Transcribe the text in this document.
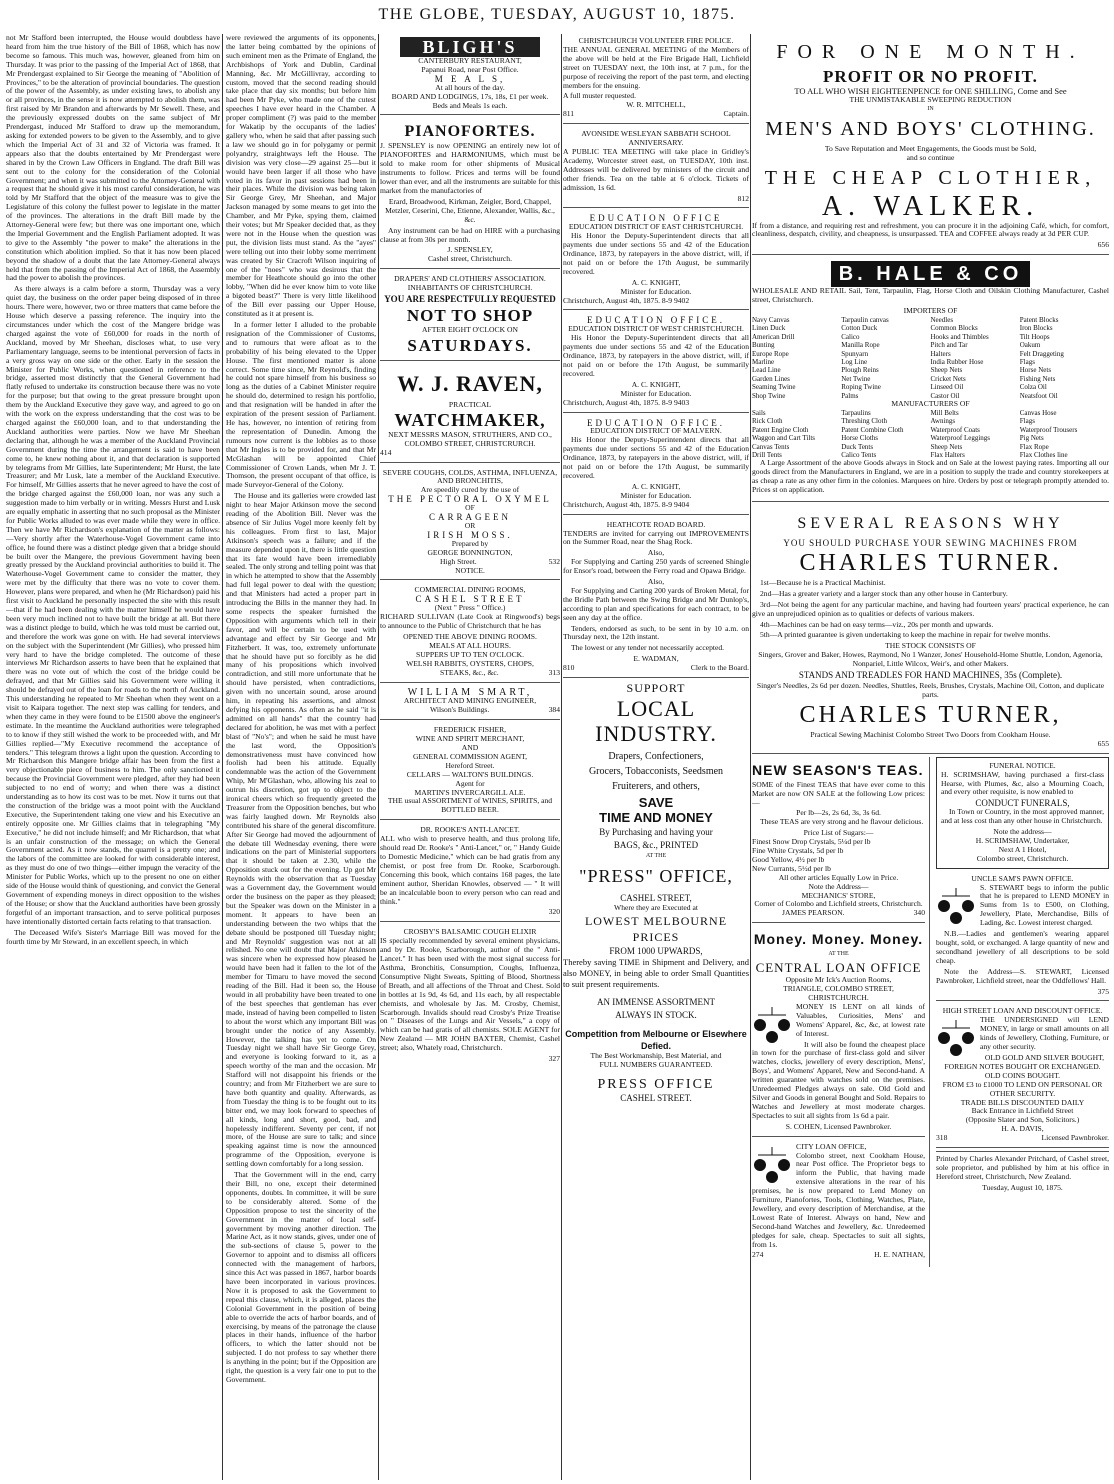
THE GLOBE, TUESDAY, AUGUST 10, 1875.

not Mr Stafford been interrupted, the House would doubtless have heard from him the true history of the Bill of 1868, which has now become so famous. This much was, however, gleaned from him on Thursday. It was prior to the passing of the Imperial Act of 1868, that Mr Prendergast explained to Sir George the meaning of "Abolition of Provinces," to be the alteration of provincial boundaries. The question of the power of the Assembly, as under existing laws, to abolish any or all provinces, in the sense it is now attempted to abolish them, was first raised by Mr Brandon and afterwards by Mr Sewell. These, and the previously expressed doubts on the same subject of Mr Prendergast, induced Mr Stafford to draw up the memorandum, asking for extended powers to be given to the Assembly, and to give which the Imperial Act of 31 and 32 of Victoria was framed. It appears also that the doubts entertained by Mr Prendergast were shared in by the Crown Law Officers in England. The draft Bill was sent out to the colony for the consideration of the Colonial Government; and when it was submitted to the Attorney-General with a request that he should give it his most careful consideration, he was told by Mr Stafford that the object of the measure was to give the Legislature of this colony the fullest power to legislate in the matter of the provinces. The alterations in the draft Bill made by the Attorney-General were few; but there was one important one, which the Imperial Government and the English Parliament adopted. It was to give to the Assembly "the power to make" the alterations in the constitution which abolition implied. So that it has now been placed beyond the shadow of a doubt that the late Attorney-General always held that from the passing of the Imperial Act of 1868, the Assembly had the power to abolish the provinces.

As there always is a calm before a storm, Thursday was a very quiet day, the business on the order paper being disposed of in three hours. There were, however, two or three matters that came before the House which deserve a passing reference. The inquiry into the circumstances under which the cost of the Mangere bridge was charged against the vote of £60,000 for roads in the north of Auckland, moved by Mr Sheehan, discloses what, to use very Parliamentary language, seems to be intentional perversion of facts in a very gross way on one side or the other. Early in the session the Minister for Public Works, when questioned in reference to the bridge, asserted most distinctly that the General Government had flatly refused to undertake its construction because there was no vote for the purpose; but that owing to the great pressure brought upon them by the Auckland Executive they gave way, and agreed to go on with the work on the express understanding that the cost was to be charged against the £60,000 loan, and to that understanding the Auckland authorities were parties. Now we have Mr Sheehan declaring that, although he was a member of the Auckland Provincial Government during the time the arrangement is said to have been come to, he knew nothing about it, and that declaration is supported by telegrams from Mr Gillies, late Superintendent; Mr Hurst, the late Treasurer; and Mr Lusk, late a member of the Auckland Executive. For himself, Mr Gillies asserts that he never agreed to have the cost of the bridge charged against the £60,000 loan, nor was any such a suggestion made to him verbally or in writing. Messrs Hurst and Lusk are equally emphatic in asserting that no such proposal as the Minister for Public Works alluded to was ever made while they were in office. Then we have Mr Richardson's explanation of the matter as follows:—Very shortly after the Waterhouse-Vogel Government came into office, he found there was a distinct pledge given that a bridge should be built over the Mangere, the previous Government having been greatly pressed by the Auckland provincial authorities to build it. The Waterhouse-Vogel Government came to consider the matter, they were met by the difficulty that there was no vote to cover them. However, plans were prepared, and when he (Mr Richardson) paid his first visit to Auckland he personally inspected the site with this result—that if he had been dealing with the matter himself he would have been very much inclined not to have built the bridge at all. But there was a distinct pledge to build, which he was told must be carried out, and therefore the work was gone on with. He had several interviews on the subject with the Superintendent (Mr Gillies), who pressed him very hard to have the bridge completed. The outcome of these interviews Mr Richardson asserts to have been that he explained that there was no vote out of which the cost of the bridge could be defrayed, and that Mr Gillies said his Government were willing it should be defrayed out of the loan for roads to the north of Auckland. This understanding he repeated to Mr Sheehan when they went on a visit to Kaipara together. The next step was calling for tenders, and when they came in they were found to be £1500 above the engineer's estimate. In the meantime the Auckland authorities were telegraphed to to know if they still wished the work to be proceeded with, and Mr Gillies replied—"My Executive recommend the acceptance of tenders." This telegram throws a light upon the question. According to Mr Richardson this Mangere bridge affair has been from the first a very objectionable piece of business to him. The only sanctioned it because the Provincial Government were pledged, after they had been subjected to no end of worry; and when there was a distinct understanding as to how its cost was to be met. Now it turns out that the construction of the bridge was a moot point with the Auckland Executive, the Superintendent taking one view and his Executive an entirely opposite one. Mr Gillies claims that in telegraphing "My Executive," he did not include himself; and Mr Richardson, that what is an unfair construction of the message; on which the General Government acted. As it now stands, the quarrel is a pretty one; and the labors of the committee are looked for with considerable interest, as they must do one of two things—either impugn the veracity of the Minister for Public Works, which up to the present no one on either side of the House would think of questioning, and convict the General Government of expending moneys in direct opposition to the wishes of the House; or show that the Auckland authorities have been grossly forgetful of an important transaction, and to serve political purposes have intentionally distorted certain facts relating to that transaction.

The Deceased Wife's Sister's Marriage Bill was moved for the fourth time by Mr Steward, in an excellent speech, in which

were reviewed the arguments of its opponents, the latter being combatted by the opinions of such eminent men as the Primate of England, the Archbishops of York and Dublin, Cardinal Manning, &c. Mr McGillivray, according to custom, moved that the second reading should take place that day six months; but before him had been Mr Pyke, who made one of the cutest speeches I have ever heard in the Chamber. A proper compliment (?) was paid to the member for Wakatip by the occupants of the ladies' gallery who, when he said that after passing such a law we should go in for polygamy or permit polyandry, straightways left the House. The division was very close—29 against 25—but it would have been larger if all those who have voted in its favor in past sessions had been in their places. While the division was being taken Sir George Grey, Mr Sheehan, and Major Jackson managed by some means to get into the Chamber, and Mr Pyke, spying them, claimed their votes; but Mr Speaker decided that, as they were not in the House when the question was put, the division lists must stand. As the "ayes" were telling out into their lobby some merriment was created by Sir Cracroft Wilson inquiring of one of the "noes" who was desirous that the member for Heathcote should go into the other lobby, "When did he ever know him to vote like a bigoted beast?" There is very little likelihood of the Bill ever passing our Upper House, constituted as it at present is.

In a former letter I alluded to the probable resignation of the Commissioner of Customs, and to rumours that were afloat as to the probability of his being elevated to the Upper House. The first mentioned matter is alone correct. Some time since, Mr Reynold's, finding he could not spare himself from his business so long as the duties of a Cabinet Minister require he should do, determined to resign his portfolio, and that resignation will be handed in after the expiration of the present session of Parliament. He has, however, no intention of retiring from the representation of Dunedin. Among the rumours now current is the lobbies as to those that Mr Ingles is to be provided for, and that Mr McGlashan will be appointed Chief Commissioner of Crown Lands, when Mr J. T. Thomson, the present occupant of that office, is made Surveyor-General of the Colony.

The House and its galleries were crowded last night to hear Major Atkinson move the second reading of the Abolition Bill. Never was the absence of Sir Julius Vogel more keenly felt by his colleagues. From first to last, Major Atkinson's speech was a failure; and if the measure depended upon it, there is little question that its fate would have been irremediably sealed. The only strong and telling point was that in which he attempted to show that the Assembly had full legal power to deal with the question; and that Ministers had acted a proper part in introducing the Bills in the manner they had. In some respects the speaker furnished the Opposition with arguments which tell in their favor, and will be certain to be used with advantage and effect by Sir George and Mr Fitzherbert. It was, too, extremely unfortunate that he should have put so forcibly as he did many of his propositions which involved contradiction, and still more unfortunate that he should have persisted, when contradictions, given with no uncertain sound, arose around him, in repeating his assertions, and almost defying his opponents. As often as he said "it is admitted on all hands" that the country had declared for abolition, he was met with a perfect blast of "No's"; and when he said he must have the last word, the Opposition's demonstrativeness must have convinced how foolish had been his attitude. Equally condemnable was the action of the Government Whip, Mr M'Glashan, who, allowing his zeal to outrun his discretion, got up to object to the ironical cheers which so frequently greeted the Treasurer from the Opposition benches, but who was fairly laughed down. Mr Reynolds also contributed his share of the general discomfiture. After Sir George had moved the adjournment of the debate till Wednesday evening, there were indications on the part of Ministerial supporters that it should be taken at 2.30, while the Opposition stuck out for the evening. Up got Mr Reynolds with the observation that as Tuesday was a Government day, the Government would order the business on the paper as they pleased; but the Speaker was down on the Minister in a moment. It appears to have been an understanding between the two whips that the debate should be postponed till Tuesday night; and Mr Reynolds' suggestion was not at all relished. No one will doubt that Major Atkinson was sincere when he expressed how pleased he would have been had it fallen to the lot of the member for Timaru to have moved the second reading of the Bill. Had it been so, the House would in all probability have been treated to one of the best speeches that gentleman has ever made, instead of having been compelled to listen to about the worst which any important Bill was brought under the notice of any Assembly. However, the talking has yet to come. On Tuesday night we shall have Sir George Grey, and everyone is looking forward to it, as a speech worthy of the man and the occasion. Mr Stafford will not disappoint his friends or the country; and from Mr Fitzherbert we are sure to have both quantity and quality. Afterwards, as from Tuesday the thing is to be fought out to its bitter end, we may look forward to speeches of all kinds, long and short, good, bad, and hopelessly indifferent. Seventy per cent, if not more, of the House are sure to talk; and since speaking against time is now the announced programme of the Opposition, everyone is settling down comfortably for a long session.

That the Government will in the end, carry their Bill, no one, except their determined opponents, doubts. In committee, it will be sure to be considerably altered. Some of the Opposition propose to test the sincerity of the Government in the matter of local self-government by moving another direction. The Marine Act, as it now stands, gives, under one of the sub-sections of clause 5, power to the Governor to appoint and to dismiss all officers connected with the management of harbors, since this Act was passed in 1867, harbor boards have been incorporated in various provinces. Now it is proposed to ask the Government to repeal this clause, which, it is alleged, places the Colonial Government in the position of being able to override the acts of harbor boards, and of exercising, by means of the patronage the clause places in their hands, influence of the harbor officers, to which the latter should not be subjected. I do not profess to say whether there is anything in the point; but if the Opposition are right, the question is a very fair one to put to the Government.

BLIGH'S
CANTERBURY RESTAURANT,
Papanui Road, near Post Office.
M E A L S,
At all hours of the day.
BOARD AND LODGINGS, 17s, 18s, £1 per week.
Beds and Meals 1s each.
PIANOFORTES.

J. SPENSLEY is now OPENING an entirely new lot of PIANOFORTES and HARMONIUMS, which must be sold to make room for other shipments of Musical instruments to follow. Prices and terms will be found lower than ever, and all the instruments are suitable for this market from the manufactories of

Erard, Broadwood, Kirkman, Zeigler, Bord, Chappel, Metzler, Ceserini, Che, Etienne, Alexander, Wallis, &c., &c.

Any instrument can be had on HIRE with a purchasing clause at from 30s per month.

J. SPENSLEY,
Cashel street, Christchurch.
DRAPERS' AND CLOTHIERS' ASSOCIATION.
INHABITANTS OF CHRISTCHURCH.
YOU ARE RESPECTFULLY REQUESTED
NOT TO SHOP
AFTER EIGHT O'CLOCK ON
SATURDAYS.
W. J. RAVEN,
PRACTICAL
WATCHMAKER,
NEXT MESSRS MASON, STRUTHERS, AND CO.,
COLOMBO STREET, CHRISTCRURCH.
414
SEVERE COUGHS, COLDS, ASTHMA, INFLUENZA, AND BRONCHITIS,
Are speedily cured by the use of
THE PECTORAL OXYMEL
OF
CARRAGEEN
OR
IRISH MOSS.
Prepared by
GEORGE BONNINGTON,
High Street.	532
NOTICE.
COMMERCIAL DINING ROOMS,
CASHEL STREET
(Next " Press " Office.)

RICHARD SULLIVAN (Late Cook at Ringwood's) begs to announce to the Public of Christchurch that he has

OPENED THE ABOVE DINING ROOMS.
MEALS AT ALL HOURS.
SUPPERS UP TO TEN O'CLOCK.
WELSH RABBITS, OYSTERS, CHOPS,
STEAKS, &c., &c.	313
WILLIAM SMART,
ARCHITECT AND MINING ENGINEER,
Wilson's Buildings.	384
FREDERICK FISHER,
WINE AND SPIRIT MERCHANT,
AND
GENERAL COMMISSION AGENT,
Hereford Street.
CELLARS — WALTON'S BUILDINGS.
Agent for
MARTIN'S INVERCARGILL ALE.
THE usual ASSORTMENT of WINES, SPIRITS, and BOTTLED BEER.
DR. ROOKE'S ANTI-LANCET.

ALL who wish to preserve health, and thus prolong life, should read Dr. Rooke's " Anti-Lancet," or, " Handy Guide to Domestic Medicine," which can be had gratis from any chemist, or post free from Dr. Rooke, Scarborough. Concerning this book, which contains 168 pages, the late eminent author, Sheridan Knowles, observed — " It will be an incalculable boon to every person who can read and think."

320
CROSBY'S BALSAMIC COUGH ELIXIR

IS specially recommended by several eminent physicians, and by Dr. Rooke, Scarborough, author of the " Anti-Lancet." It has been used with the most signal success for Asthma, Bronchitis, Consumption, Coughs, Influenza, Consumptive Night Sweats, Spitting of Blood, Shortness of Breath, and all affections of the Throat and Chest. Sold in bottles at 1s 9d, 4s 6d, and 11s each, by all respectable chemists, and wholesale by Jas. M. Crosby, Chemist, Scarborough. Invalids should read Crosby's Prize Treatise on " Diseases of the Lungs and Air Vessels," a copy of which can be had gratis of all chemists. SOLE AGENT for New Zealand — MR JOHN BAXTER, Chemist, Cashel street; also, Whately road, Christchurch.

327
CHRISTCHURCH VOLUNTEER FIRE POLICE.

THE ANNUAL GENERAL MEETING of the Members of the above will be held at the Fire Brigade Hall, Lichfield street on TUESDAY next, the 10th inst, at 7 p.m., for the purpose of receiving the report of the past term, and electing members for the ensuing.

A full muster requested.
W. R. MITCHELL,
811	Captain.
AVONSIDE WESLEYAN SABBATH SCHOOL ANNIVERSARY.

A PUBLIC TEA MEETING will take place in Gridley's Academy, Worcester street east, on TUESDAY, 10th inst. Addresses will be delivered by ministers of the circuit and other friends. Tea on the table at 6 o'clock. Tickets of admission, 1s 6d.

812
EDUCATION OFFICE
EDUCATION DISTRICT OF EAST CHRISTCHURCH.

His Honor the Deputy-Superintendent directs that all payments due under sections 55 and 42 of the Education Ordinance, 1873, by ratepayers in the above district, will, if not paid on or before the 17th August, be summarily recovered.

A. C. KNIGHT,
Minister for Education.
Christchurch, August 4th, 1875. 8-9 9402
EDUCATION OFFICE.
EDUCATION DISTRICT OF WEST CHRISTCHURCH.

His Honor the Deputy-Superintendent directs that all payments due under sections 55 and 42 of the Education Ordinance, 1873, by ratepayers in the above district, will, if not paid on or before the 17th August, be summarily recovered.

A. C. KNIGHT,
Minister for Education.
Christchurch, August 4th, 1875. 8-9 9403
EDUCATION OFFICE.
EDUCATION DISTRICT OF MALVERN.

His Honor the Deputy-Superintendent directs that all payments due under sections 55 and 42 of the Education Ordinance, 1873, by ratepayers in the above district, will, if not paid on or before the 17th August, be summarily recovered.

A. C. KNIGHT,
Minister for Education.
Christchurch, August 4th, 1875. 8-9 9404
HEATHCOTE ROAD BOARD.

TENDERS are invited for carrying out IMPROVEMENTS on the Summer Road, near the Shag Rock.

Also,

For Supplying and Carting 250 yards of screened Shingle for Ensor's road, between the Ferry road and Opawa Bridge.

Also,

For Supplying and Carting 200 yards of Broken Metal, for the Bridle Path between the Swing Bridge and Mr Dunlop's, according to plan and specifications for each contract, to be seen any day at the office.

Tenders, endorsed as such, to be sent in by 10 a.m. on Thursday next, the 12th instant.

The lowest or any tender not necessarily accepted.

E. WADMAN,
810	Clerk to the Board.
SUPPORT
LOCAL INDUSTRY.
Drapers, Confectioners,
Grocers, Tobacconists, Seedsmen
Fruiterers, and others,
SAVE
TIME AND MONEY
By Purchasing and having your
BAGS, &c., PRINTED
AT THE
"PRESS" OFFICE,
CASHEL STREET,
Where they are Executed at
LOWEST MELBOURNE PRICES
FROM 1000 UPWARDS,

Thereby saving TIME in Shipment and Delivery, and also MONEY, in being able to order Small Quantities to suit present requirements.

AN IMMENSE ASSORTMENT
ALWAYS IN STOCK.
Competition from Melbourne or Elsewhere Defied.
The Best Workmanship, Best Material, and
FULL NUMBERS GUARANTEED.
PRESS OFFICE
CASHEL STREET.
FOR ONE MONTH.
PROFIT OR NO PROFIT.
TO ALL WHO WISH EIGHTEENPENCE for ONE SHILLING, Come and See
THE UNMISTAKABLE SWEEPING REDUCTION
IN
MEN'S AND BOYS' CLOTHING.
To Save Reputation and Meet Engagements, the Goods must be Sold,
and so continue
THE CHEAP CLOTHIER,
A. WALKER.

If from a distance, and requiring rest and refreshment, you can procure it in the adjoining Café, which, for comfort, cleanliness, despatch, civility, and cheapness, is unsurpassed. TEA and COFFEE always ready at 3d PER CUP.

656
B. HALE & CO

WHOLESALE AND RETAIL Sail, Tent, Tarpaulin, Flag, Horse Cloth and Oilskin Clothing Manufacturer, Cashel street, Christchurch.

IMPORTERS OF
Navy Canvas
Linen Duck
American Drill
Bunting
Europe Rope
Marline
Lead Line
Garden Lines
Seaming Twine
Shop Twine
Tarpaulin canvas
Cotton Duck
Calico
Manilla Rope
Spunyarn
Log Line
Plough Reins
Net Twine
Roping Twine
Palms
Needles
Common Blocks
Hooks and Thimbles
Pitch and Tar
Halters
India Rubber Hose
Sheep Nets
Cricket Nets
Linseed Oil
Castor Oil
Patent Blocks
Iron Blocks
Tilt Hoops
Oakum
Felt Draggeting
Flags
Horse Nets
Fishing Nets
Colza Oil
Neatsfoot Oil
MANUFACTURERS OF
Sails
Rick Cloth
Patent Engine Cloth
Waggon and Cart Tilts
Canvas Tents
Drill Tents
Tarpaulins
Threshing Cloth
Patent Combine Cloth
Horse Cloths
Duck Tents
Calico Tents
Mill Belts
Awnings
Waterproof Coats
Waterproof Leggings
Sheep Nets
Flax Halters
Canvas Hose
Flags
Waterproof Trousers
Pig Nets
Flax Rope
Flax Clothes line

A Large Assortment of the above Goods always in Stock and on Sale at the lowest paying rates. Importing all our goods direct from the Manufacturers in England, we are in a position to supply the trade and country storekeepers at as cheap a rate as any other firm in the colonies. Marquees on hire. Orders by post or telegraph promptly attended to. Prices st on application.

SEVERAL REASONS WHY
YOU SHOULD PURCHASE YOUR SEWING MACHINES FROM
CHARLES TURNER.

1st—Because he is a Practical Machinist.

2nd—Has a greater variety and a larger stock than any other house in Canterbury.

3rd—Not being the agent for any particular machine, and having had fourteen years' practical experience, he can give an unprejudiced opinion as to qualities or defects of various makers.

4th—Machines can be had on easy terms—viz., 20s per month and upwards.

5th—A printed guarantee is given undertaking to keep the machine in repair for twelve months.

THE STOCK CONSISTS OF
Singers, Grover and Baker, Howes, Raymond, No 1 Wanzer, Jones' Household-Home Shuttle, London, Agenoria, Nonpariel, Little Wilcox, Weir's, and other Makers.
STANDS AND TREADLES FOR HAND MACHINES, 35s (Complete).
Singer's Needles, 2s 6d per dozen. Needles, Shuttles, Reels, Brushes, Crystals, Machine Oil, Cotton, and duplicate parts.
CHARLES TURNER,
Practical Sewing Machinist Colombo Street Two Doors from Cookham House.
655
NEW SEASON'S TEAS.

SOME of the Finest TEAS that have ever come to this Market are now ON SALE at the following Low prices:—

Per lb—2s, 2s 6d, 3s, 3s 6d.

These TEAS are very strong and he flavour delicious.

Price List of Sugars:—
Finest Snow Drop Crystals, 5¼d per lb
Fine White Crystals, 5d per lb
Good Yellow, 4½ per lb
New Currants, 5½d per lb
All other articles Equally Low in Price.
Note the Address—
MECHANICS' STORE,
Corner of Colombo and Lichfield streets, Christchurch.
JAMES PEARSON.	340
Money. Money. Money.
AT THE
CENTRAL LOAN OFFICE
Opposite Mr Ick's Auction Rooms,
TRIANGLE, COLOMBO STREET,
CHRISTCHURCH.

MONEY IS LENT on all kinds of Valuables, Curiosities, Mens' and Womens' Apparel, &c, &c, at lowest rate of Interest.

It will also be found the cheapest place in town for the purchase of first-class gold and silver watches, clocks, jewellery of every description, Mens', Boys', and Womens' Apparel, New and Second-hand. A written guarantee with watches sold on the premises. Unredeemed Pledges always on sale. Old Gold and Silver and Goods in general Bought and Sold. Repairs to Watches and Jewellery at most moderate charges. Spectacles to suit all sights from 1s 6d a pair.

S. COHEN, Licensed Pawnbroker.
CITY LOAN OFFICE,

Colombo street, next Cookham House, near Post office. The Proprietor begs to inform the Public, that having made extensive alterations in the rear of his premises, he is now prepared to Lend Money on Furniture, Pianofortes, Tools, Clothing, Watches, Plate, Jewellery, and every description of Merchandise, at the Lowest Rate of Interest. Always on hand, New and Second-hand Watches and Jewellery, &c. Unredeemed pledges for sale, cheap. Spectacles to suit all sights, from 1s.

274	H. E. NATHAN,
FUNERAL NOTICE.

H. SCRIMSHAW, having purchased a first-class Hearse, with Plumes, &c, also a Mourning Coach, and every other requisite, is now enabled to

CONDUCT FUNERALS,

In Town or Country, in the most approved manner, and at less cost than any other house in Christchurch.

Note the address—
H. SCRIMSHAW, Undertaker,
Next A 1 Hotel,
Colombo street, Christchurch.
UNCLE SAM'S PAWN OFFICE.

S. STEWART begs to inform the public that he is prepared to LEND MONEY in Sums from 1s to £500, on Clothing, Jewellery, Plate, Merchandise, Bills of Lading, &c. Lowest interest charged.

N.B.—Ladies and gentlemen's wearing apparel bought, sold, or exchanged. A large quantity of new and secondhand jewellery of all descriptions to be sold cheap.

Note the Address—S. STEWART, Licensed Pawnbroker, Lichfield street, near the Oddfellows' Hall.

375
HIGH STREET LOAN AND DISCOUNT OFFICE.

THE UNDERSIGNED will LEND MONEY, in large or small amounts on all kinds of Jewellery, Clothing, Furniture, or any other security.

OLD GOLD AND SILVER BOUGHT, FOREIGN NOTES BOUGHT OR EXCHANGED.
OLD COINS BOUGHT.
FROM £3 to £1000 TO LEND ON PERSONAL OR OTHER SECURITY.
TRADE BILLS DISCOUNTED DAILY
Back Entrance in Lichfield Street
(Opposite Slater and Son, Solicitors.)
H. A. DAVIS,
318	Licensed Pawnbroker.

Printed by Charles Alexander Pritchard, of Cashel street, sole proprietor, and published by him at his office in Hereford street, Christchurch, New Zealand.

Tuesday, August 10, 1875.
